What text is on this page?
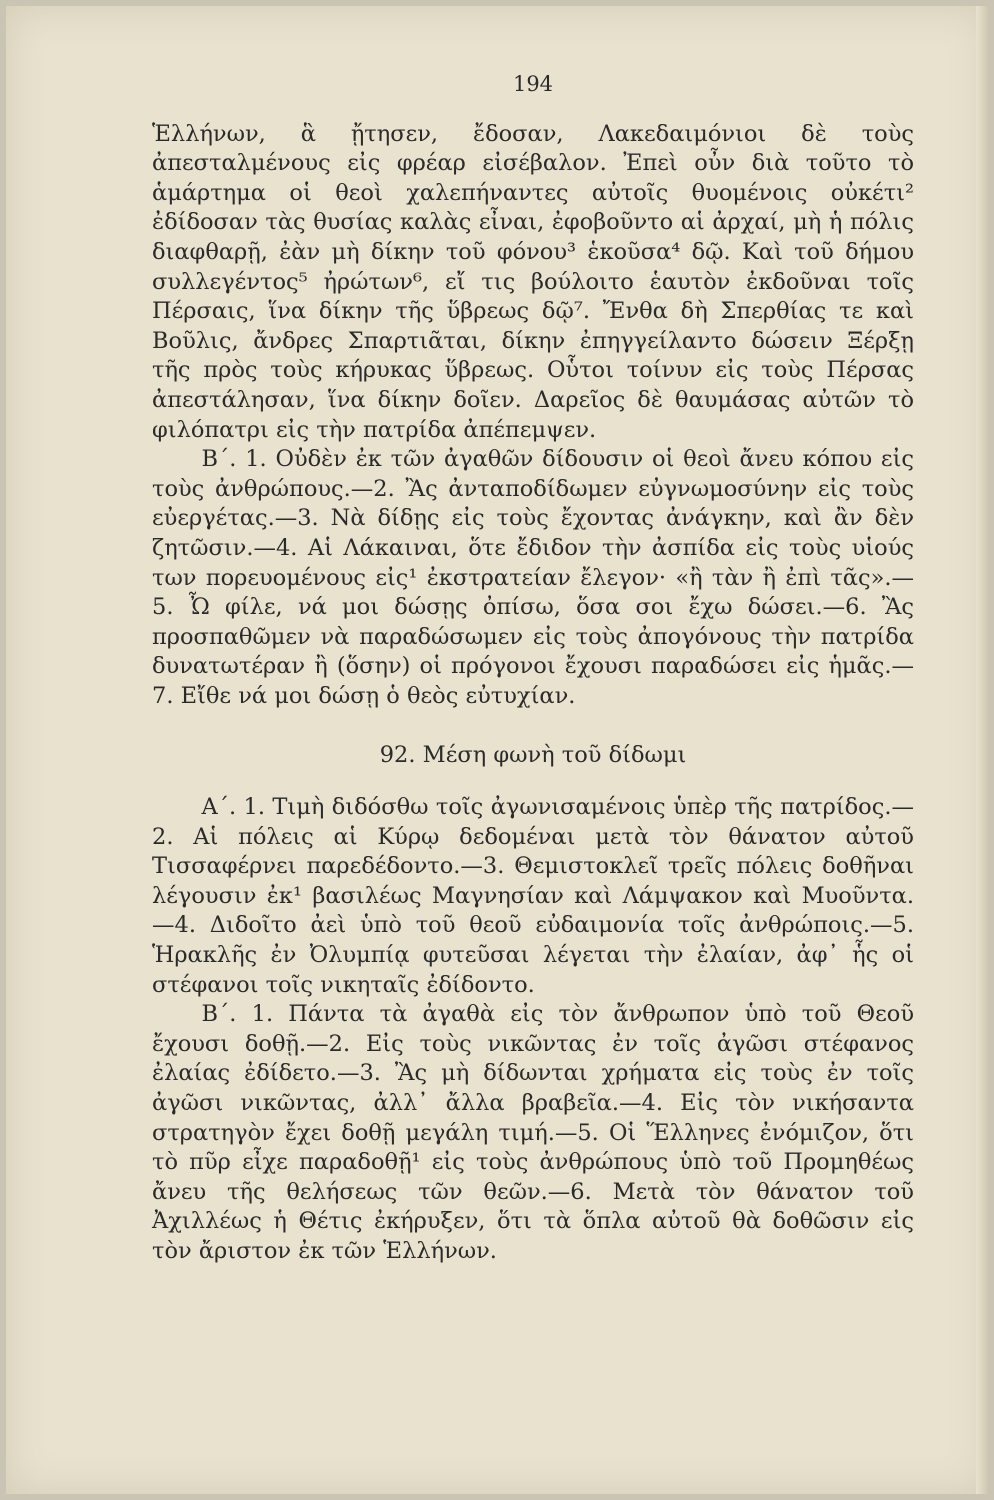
194

Ἑλλήνων, ἃ ᾔτησεν, ἔδοσαν, Λακεδαιμόνιοι δὲ τοὺς ἀπεσταλμένους εἰς φρέαρ εἰσέβαλον. Ἐπεὶ οὖν διὰ τοῦτο τὸ ἁμάρτημα οἱ θεοὶ χαλεπήναντες αὐτοῖς θυομένοις οὐκέτι² ἐδίδοσαν τὰς θυσίας καλὰς εἶναι, ἐφοβοῦντο αἱ ἀρχαί, μὴ ἡ πόλις διαφθαρῇ, ἐὰν μὴ δίκην τοῦ φόνου³ ἑκοῦσα⁴ δῷ. Καὶ τοῦ δήμου συλλεγέντος⁵ ἠρώτων⁶, εἴ τις βούλοιτο ἑαυτὸν ἐκδοῦναι τοῖς Πέρσαις, ἵνα δίκην τῆς ὕβρεως δῷ⁷. Ἔνθα δὴ Σπερθίας τε καὶ Βοῦλις, ἄνδρες Σπαρτιᾶται, δίκην ἐπηγγείλαντο δώσειν Ξέρξῃ τῆς πρὸς τοὺς κήρυκας ὕβρεως. Οὗτοι τοίνυν εἰς τοὺς Πέρσας ἀπεστάλησαν, ἵνα δίκην δοῖεν. Δαρεῖος δὲ θαυμάσας αὐτῶν τὸ φιλόπατρι εἰς τὴν πατρίδα ἀπέπεμψεν.

Β΄. 1. Οὐδὲν ἐκ τῶν ἀγαθῶν δίδουσιν οἱ θεοὶ ἄνευ κόπου εἰς τοὺς ἀνθρώπους.—2. Ἂς ἀνταποδίδωμεν εὐγνωμοσύνην εἰς τοὺς εὐεργέτας.—3. Νὰ δίδῃς εἰς τοὺς ἔχοντας ἀνάγκην, καὶ ἂν δὲν ζητῶσιν.—4. Αἱ Λάκαιναι, ὅτε ἔδιδον τὴν ἀσπίδα εἰς τοὺς υἱούς των πορευομένους εἰς¹ ἐκστρατείαν ἔλεγον· «ἢ τὰν ἢ ἐπὶ τᾶς».—5. Ὦ φίλε, νά μοι δώσῃς ὀπίσω, ὅσα σοι ἔχω δώσει.—6. Ἂς προσπαθῶμεν νὰ παραδώσωμεν εἰς τοὺς ἀπογόνους τὴν πατρίδα δυνατωτέραν ἢ (ὅσην) οἱ πρόγονοι ἔχουσι παραδώσει εἰς ἡμᾶς.—7. Εἴθε νά μοι δώσῃ ὁ θεὸς εὐτυχίαν.

92. Μέση φωνὴ τοῦ δίδωμι

Α΄. 1. Τιμὴ διδόσθω τοῖς ἀγωνισαμένοις ὑπὲρ τῆς πατρίδος.—2. Αἱ πόλεις αἱ Κύρῳ δεδομέναι μετὰ τὸν θάνατον αὐτοῦ Τισσαφέρνει παρεδέδοντο.—3. Θεμιστοκλεῖ τρεῖς πόλεις δοθῆναι λέγουσιν ἐκ¹ βασιλέως Μαγνησίαν καὶ Λάμψακον καὶ Μυοῦντα.—4. Διδοῖτο ἀεὶ ὑπὸ τοῦ θεοῦ εὐδαιμονία τοῖς ἀνθρώποις.—5. Ἡρακλῆς ἐν Ὀλυμπίᾳ φυτεῦσαι λέγεται τὴν ἐλαίαν, ἀφ᾿ ἧς οἱ στέφανοι τοῖς νικηταῖς ἐδίδοντο.

Β΄. 1. Πάντα τὰ ἀγαθὰ εἰς τὸν ἄνθρωπον ὑπὸ τοῦ Θεοῦ ἔχουσι δοθῇ.—2. Εἰς τοὺς νικῶντας ἐν τοῖς ἀγῶσι στέφανος ἐλαίας ἐδίδετο.—3. Ἂς μὴ δίδωνται χρήματα εἰς τοὺς ἐν τοῖς ἀγῶσι νικῶντας, ἀλλ᾿ ἄλλα βραβεῖα.—4. Εἰς τὸν νικήσαντα στρατηγὸν ἔχει δοθῇ μεγάλη τιμή.—5. Οἱ Ἕλληνες ἐνόμιζον, ὅτι τὸ πῦρ εἶχε παραδοθῇ¹ εἰς τοὺς ἀνθρώπους ὑπὸ τοῦ Προμηθέως ἄνευ τῆς θελήσεως τῶν θεῶν.—6. Μετὰ τὸν θάνατον τοῦ Ἀχιλλέως ἡ Θέτις ἐκήρυξεν, ὅτι τὰ ὅπλα αὐτοῦ θὰ δοθῶσιν εἰς τὸν ἄριστον ἐκ τῶν Ἑλλήνων.
